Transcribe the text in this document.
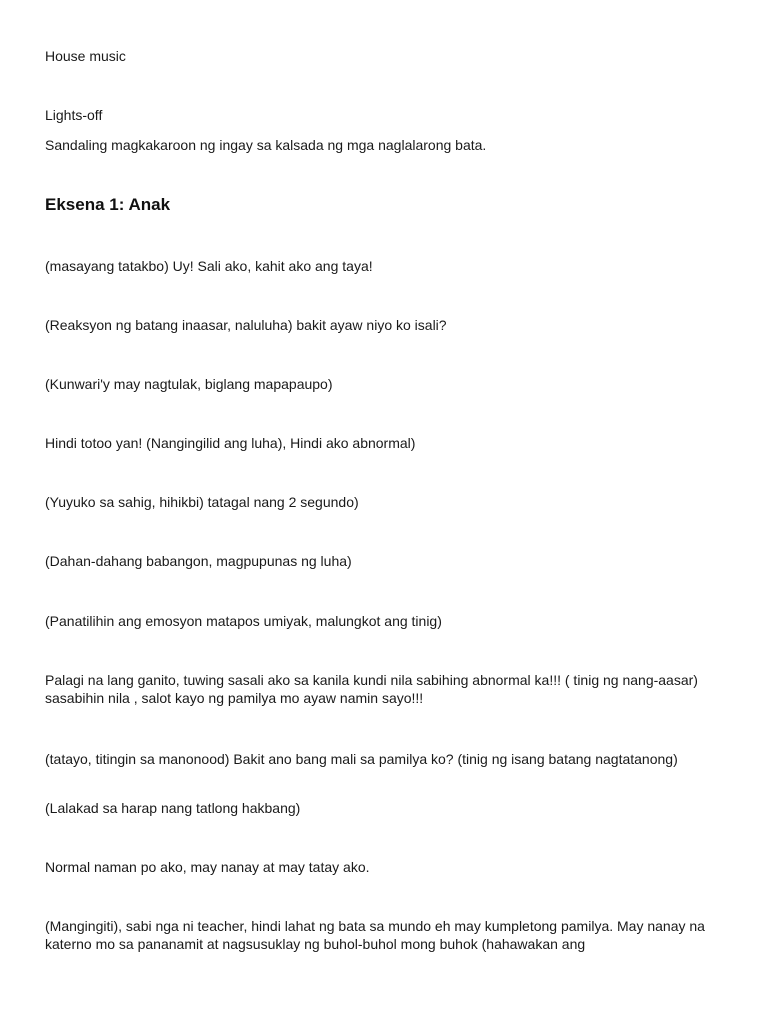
House music
Lights-off
Sandaling magkakaroon ng ingay sa kalsada ng mga naglalarong bata.
Eksena 1: Anak
(masayang tatakbo) Uy! Sali ako, kahit ako ang taya!
(Reaksyon ng batang inaasar, naluluha) bakit ayaw niyo ko isali?
(Kunwari'y may nagtulak, biglang mapapaupo)
Hindi totoo yan! (Nangingilid ang luha), Hindi ako abnormal)
(Yuyuko sa sahig, hihikbi) tatagal nang 2 segundo)
(Dahan-dahang babangon, magpupunas ng luha)
(Panatilihin ang emosyon matapos umiyak, malungkot ang tinig)
Palagi na lang ganito, tuwing sasali ako sa kanila kundi nila sabihing abnormal ka!!! ( tinig ng nang-aasar) sasabihin nila , salot kayo ng pamilya mo ayaw namin sayo!!!
(tatayo, titingin sa manonood) Bakit ano bang mali sa pamilya ko? (tinig ng isang batang nagtatanong)
(Lalakad sa harap nang tatlong hakbang)
Normal naman po ako, may nanay at may tatay ako.
(Mangingiti), sabi nga ni teacher, hindi lahat ng bata sa mundo eh may kumpletong pamilya. May nanay na katerno mo sa pananamit at nagsusuklay ng buhol-buhol mong buhok (hahawakan ang
